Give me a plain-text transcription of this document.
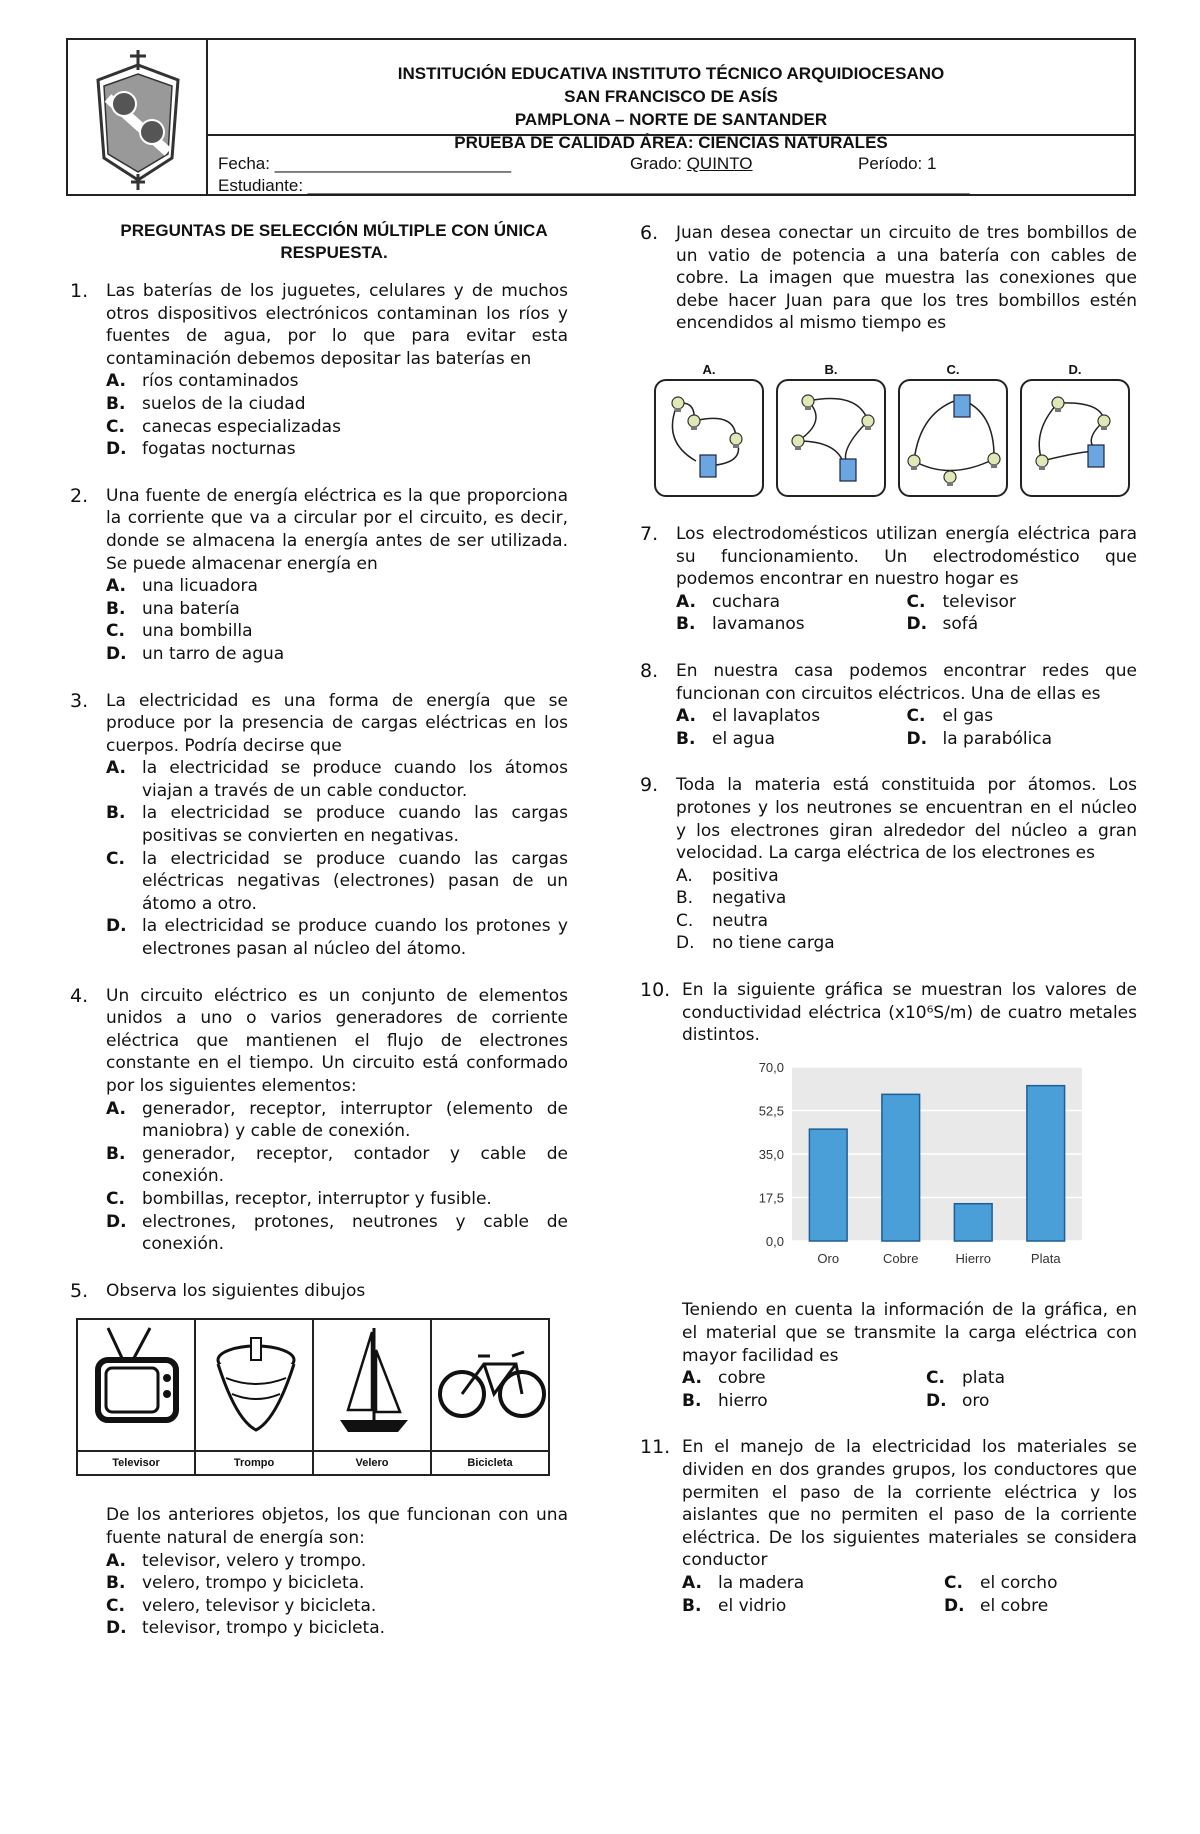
INSTITUCIÓN EDUCATIVA INSTITUTO TÉCNICO ARQUIDIOCESANO
SAN FRANCISCO DE ASÍS
PAMPLONA – NORTE DE SANTANDER
PRUEBA DE CALIDAD ÁREA: CIENCIAS NATURALES
Fecha: _________________________	Grado: QUINTO	Período: 1
Estudiante: ______________________________________________________________________
PREGUNTAS DE SELECCIÓN MÚLTIPLE CON ÚNICA RESPUESTA.
1. Las baterías de los juguetes, celulares y de muchos otros dispositivos electrónicos contaminan los ríos y fuentes de agua, por lo que para evitar esta contaminación debemos depositar las baterías en
A. ríos contaminados
B. suelos de la ciudad
C. canecas especializadas
D. fogatas nocturnas
2. Una fuente de energía eléctrica es la que proporciona la corriente que va a circular por el circuito, es decir, donde se almacena la energía antes de ser utilizada. Se puede almacenar energía en
A. una licuadora
B. una batería
C. una bombilla
D. un tarro de agua
3. La electricidad es una forma de energía que se produce por la presencia de cargas eléctricas en los cuerpos. Podría decirse que
A. la electricidad se produce cuando los átomos viajan a través de un cable conductor.
B. la electricidad se produce cuando las cargas positivas se convierten en negativas.
C. la electricidad se produce cuando las cargas eléctricas negativas (electrones) pasan de un átomo a otro.
D. la electricidad se produce cuando los protones y electrones pasan al núcleo del átomo.
4. Un circuito eléctrico es un conjunto de elementos unidos a uno o varios generadores de corriente eléctrica que mantienen el flujo de electrones constante en el tiempo. Un circuito está conformado por los siguientes elementos:
A. generador, receptor, interruptor (elemento de maniobra) y cable de conexión.
B. generador, receptor, contador y cable de conexión.
C. bombillas, receptor, interruptor y fusible.
D. electrones, protones, neutrones y cable de conexión.
5.	Observa los siguientes dibujos
Televisor	Trompo	Velero	Bicicleta
De los anteriores objetos, los que funcionan con una fuente natural de energía son:
A. televisor, velero y trompo.
B. velero, trompo y bicicleta.
C. velero, televisor y bicicleta.
D. televisor, trompo y bicicleta.
6.	Juan desea conectar un circuito de tres bombillos de un vatio de potencia a una batería con cables de cobre. La imagen que muestra las conexiones que debe hacer Juan para que los tres bombillos estén encendidos al mismo tiempo es
A.	B.	C.	D.
7. Los electrodomésticos utilizan energía eléctrica para su funcionamiento. Un electrodoméstico que podemos encontrar en nuestro hogar es
A. cuchara	C. televisor
B. lavamanos	D. sofá
8. En nuestra casa podemos encontrar redes que funcionan con circuitos eléctricos. Una de ellas es
A. el lavaplatos	C. el gas
B. el agua	D. la parabólica
9. Toda la materia está constituida por átomos. Los protones y los neutrones se encuentran en el núcleo y los electrones giran alrededor del núcleo a gran velocidad. La carga eléctrica de los electrones es
A. positiva
B. negativa
C. neutra
D. no tiene carga
10. En la siguiente gráfica se muestran los valores de conductividad eléctrica (x10⁶S/m) de cuatro metales distintos.
70,0
52,5
35,0
17,5
0,0
Oro	Cobre	Hierro	Plata
Teniendo en cuenta la información de la gráfica, en el material que se transmite la carga eléctrica con mayor facilidad es
A. cobre	C. plata
B. hierro	D. oro
11. En el manejo de la electricidad los materiales se dividen en dos grandes grupos, los conductores que permiten el paso de la corriente eléctrica y los aislantes que no permiten el paso de la corriente eléctrica. De los siguientes materiales se considera conductor
A. la madera	C. el corcho
B. el vidrio	D. el cobre
